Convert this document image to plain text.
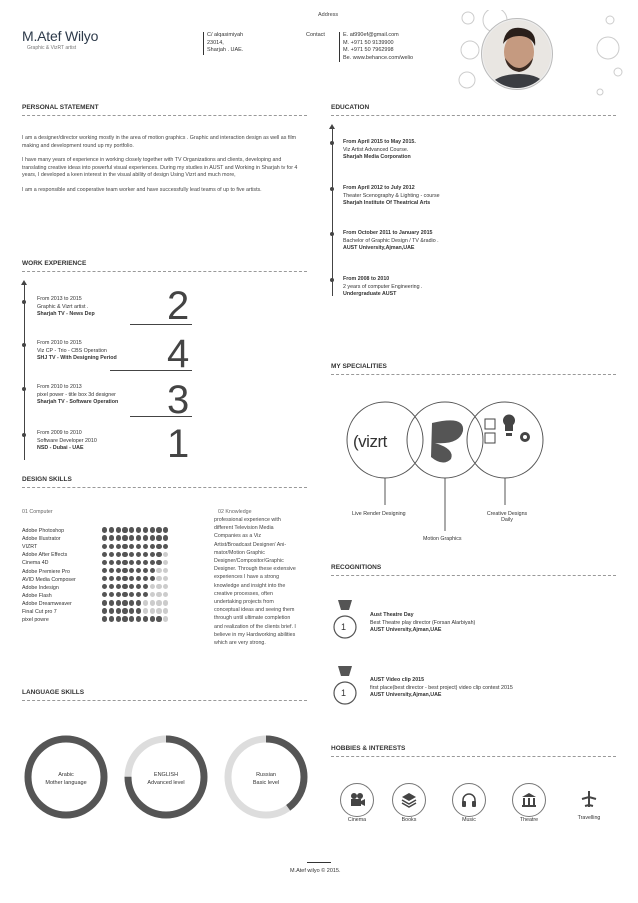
M.Atef Wilyo
Graphic & VizRT artist
Address
C/ alqasimiyah
23014,
Sharjah . UAE.
Contact	E. at990ef@gmail.com
M. +971 50 9139900
M. +971 50 7962998
Be. www.behance.com/welio
PERSONAL STATEMENT

I am a designer/director working mostly in the area of motion graphics . Graphic and interaction design as well as film making and development round up my portfolio.

I have many years of experience in working closely together with TV Organizations and clients, developing and translating creative ideas into powerful visual experiences. During my studies in AUST and Working in Sharjah tv for 4 years, I developed a keen interest in the visual ability of design Using Vizrt and much more,

I am a responsible and cooperative team worker and have successfully lead teams of up to five artists.

WORK EXPERIENCE
From 2013 to 2015
Graphic & Vizrt artist .
Sharjah TV - News Dep 2
From 2010 to 2015
Viz CP - Trio - CBS Operation
SHJ TV - With Designing Period 4
From 2010 to 2013
pixel power - title box 3d designer
Sharjah TV - Software Operation 3
From 2009 to 2010
Software Developer 2010
NSD - Dubai - UAE	1
DESIGN SKILLS
01 Computer	02 Knowledge
Adobe Photoshop
Adobe Illustrator
VIZRT
Adobe After Effects
Cinema 4D
Adobe Premiere Pro
AVID Media Composer
Adobe Indesign
Adobe Flash
Adobe Dreamweaver
Final Cut pro 7
pixel powre
professional experience with different Television Media Companies as a Viz Artist/Broadcast Designer/ Ani-mator/Motion Graphic Designer/Compositor/Graphic Designer. Through these extensive experiences I have a strong knowledge and insight into the creative processes, often undertaking projects from conceptual ideas and seeing them through until ultimate completion and realization of the clients brief. I believe in my Hardworking abilities which are very strong.
LANGUAGE SKILLS
Arabic
Mother language
ENGLISH
Advanced level
Russian
Basic level
EDUCATION
From April 2015 to May 2015.
Viz Artist Advanced Course.
Sharjah Media Corporation
From April 2012 to July 2012
Theater Scenography & Lighting - course
Sharjah Institute Of Theatrical Arts
From October 2011 to January 2015
Bachelor of Graphic Design / TV &radio .
AUST University,Ajman,UAE
From 2008 to 2010
2 years of computer Engineering .
Undergraduate AUST
MY SPECIALITIES
(vizrt
Live Render Designing
Motion Graphics
Creative Designs Daily
RECOGNITIONS
1
Aust Theatre Day
Best Theatre play director (Forsan Alarbiyah)
AUST University,Ajman,UAE
1
AUST Video clip 2015
first place(best director - best project) video clip contest 2015
AUST University,Ajman,UAE
HOBBIES & INTERESTS
Cinema	Books	Music	Theatre	Travelling
M.Atef wilyo © 2015.
